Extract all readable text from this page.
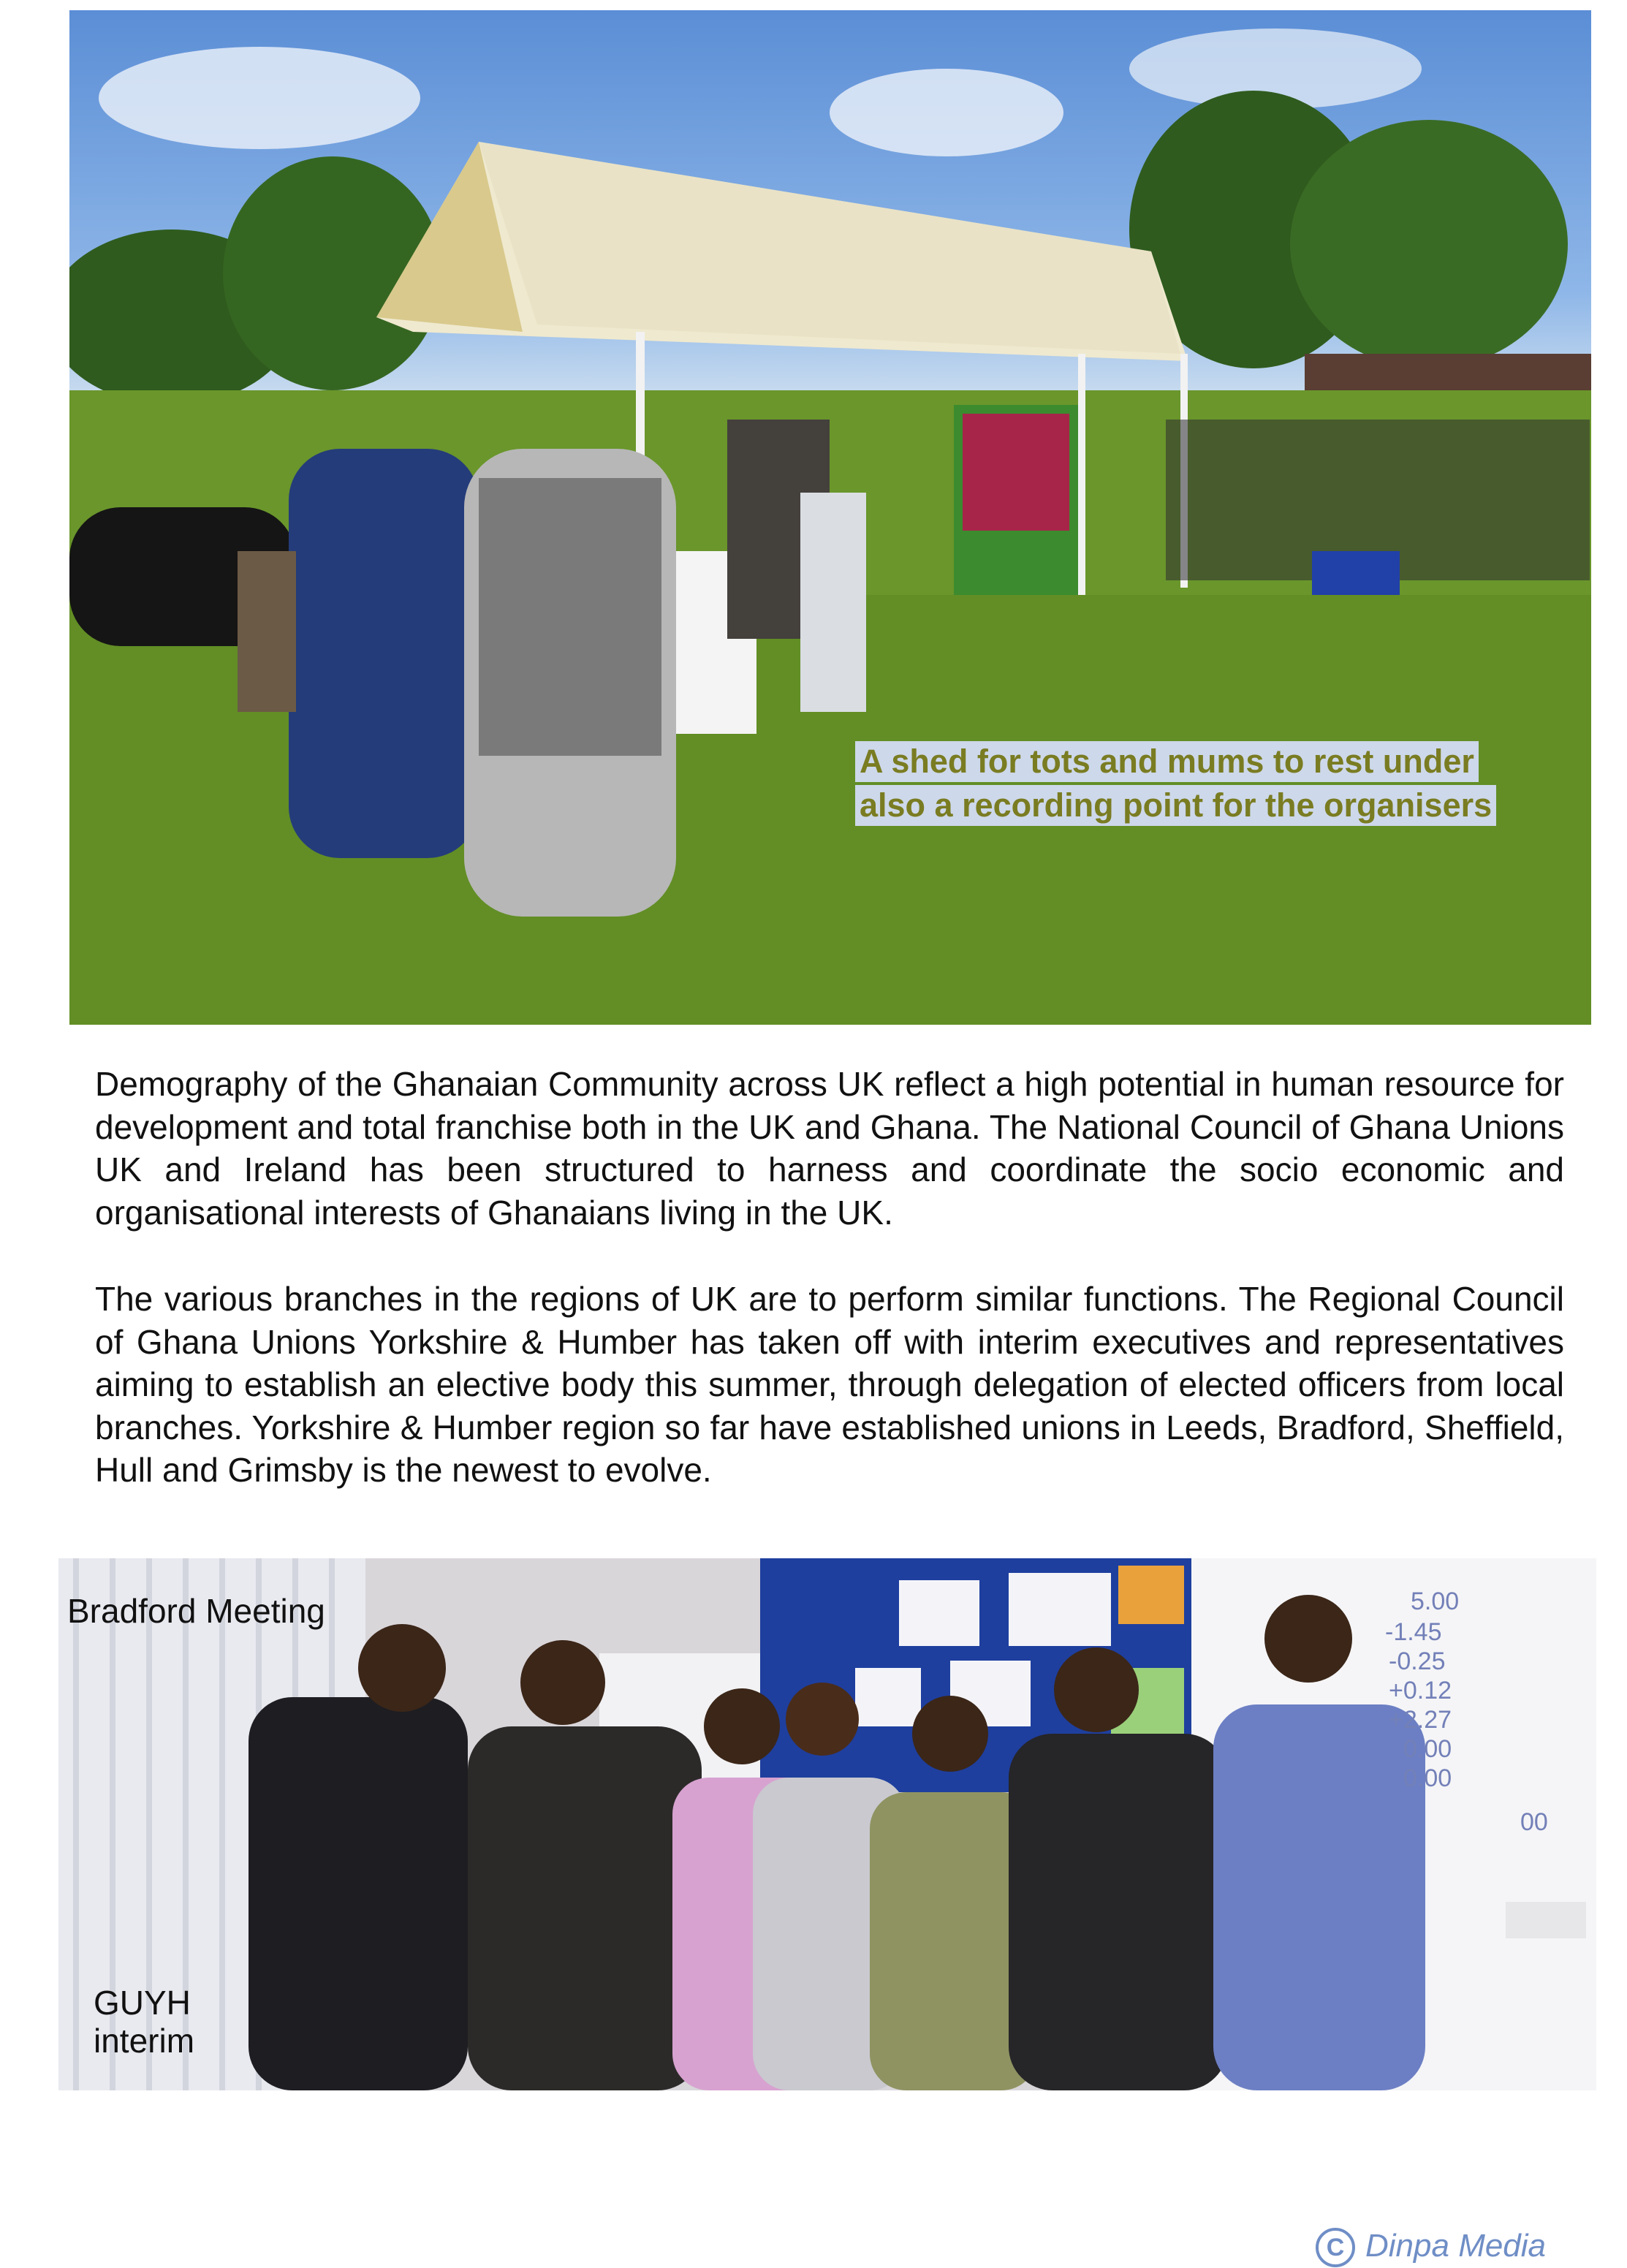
A shed for tots and mums to rest under
also a recording point for the organisers

Demography of the Ghanaian Community across UK reflect a high potential in human resource for development and total franchise both in the UK and Ghana. The National Council of Ghana Unions UK and Ireland has been structured to harness and coordinate the socio economic and organisational interests of Ghanaians living in the UK.

The various branches in the regions of UK are to perform similar functions. The Regional Council of Ghana Unions Yorkshire & Humber has taken off with interim executives and representatives aiming to establish an elective body this summer, through delegation of elected officers from local branches. Yorkshire & Humber region so far have established unions in Leeds, Bradford, Sheffield, Hull and Grimsby is the newest to evolve.

5.00
-1.45
-0.25
+0.12
+2.27
0.00
0.00
00
Bradford Meeting
GUYH
interim
C Dinpa Media
